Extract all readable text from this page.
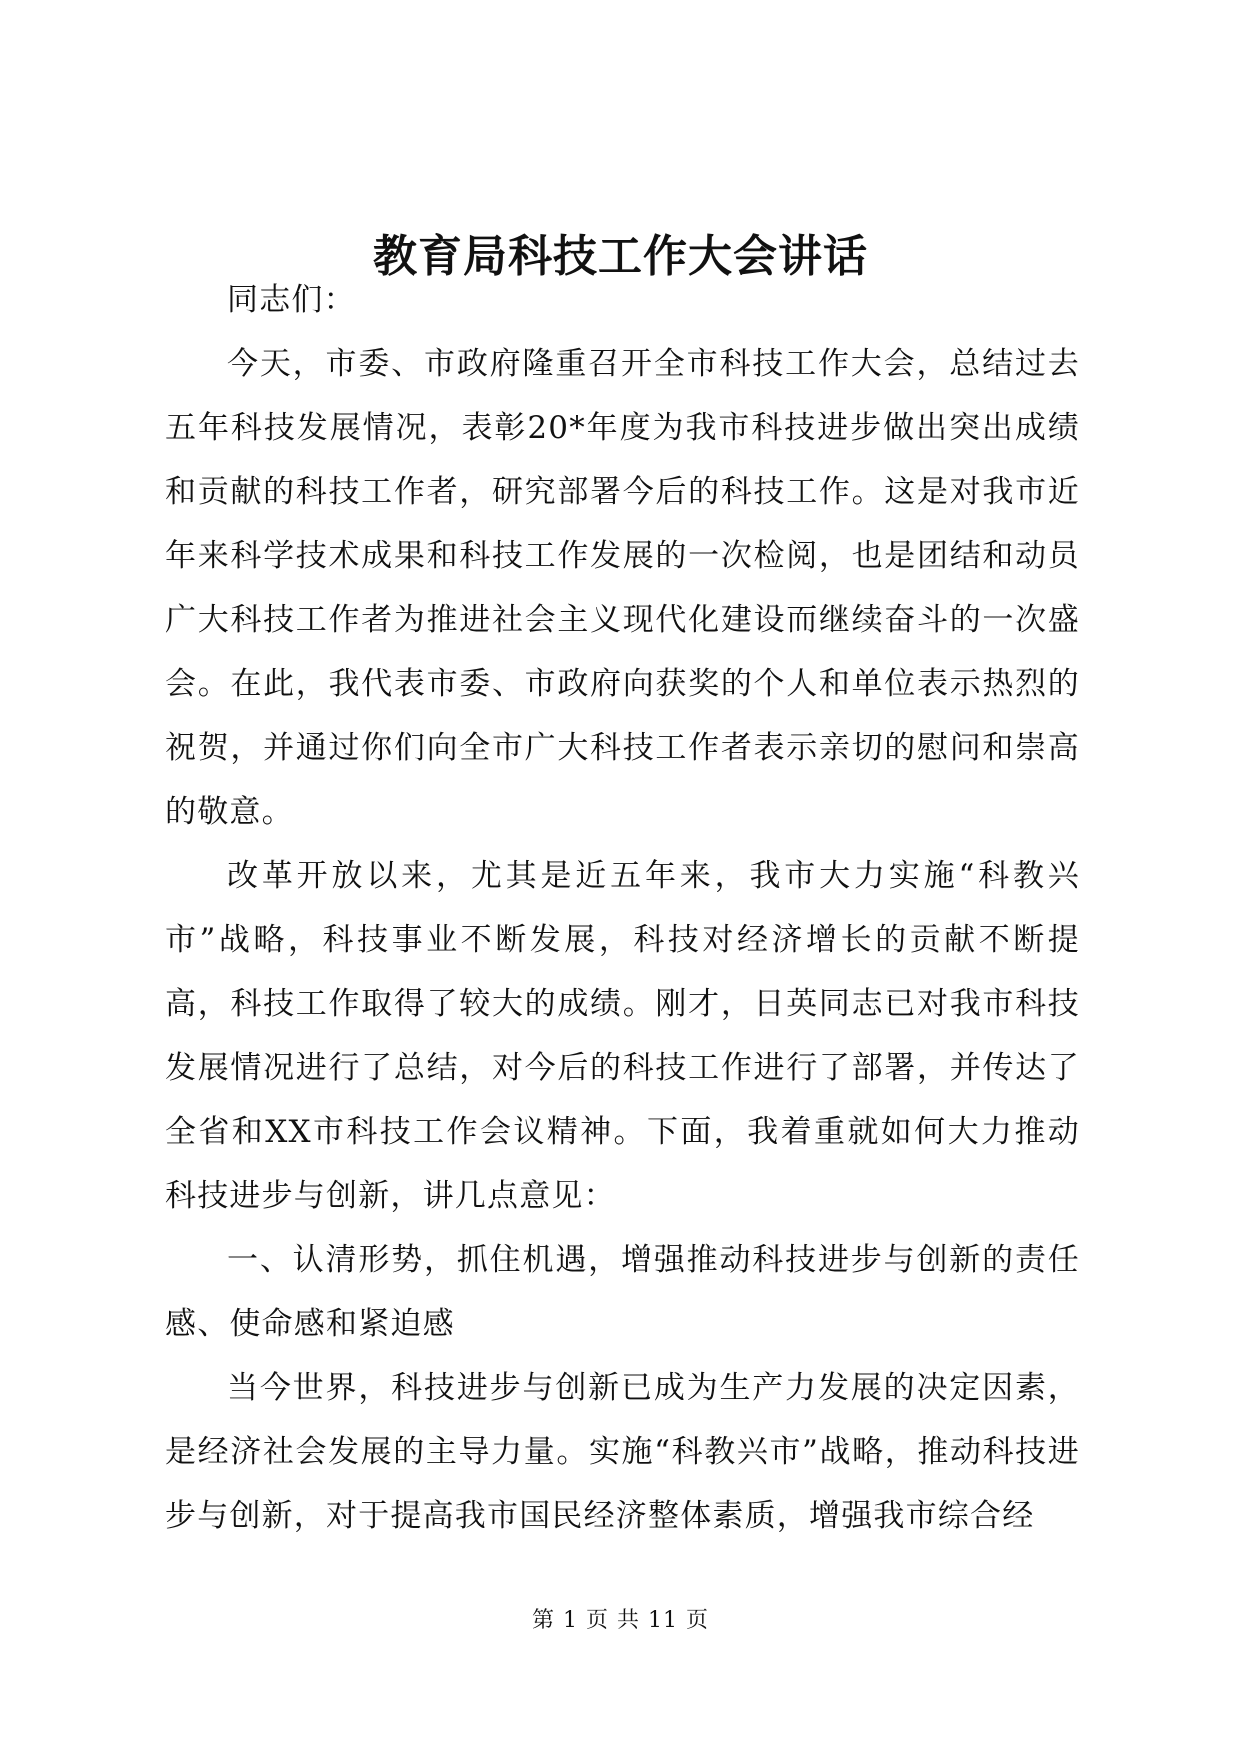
教育局科技工作大会讲话

同志们：

今天，市委、市政府隆重召开全市科技工作大会，总结过去五年科技发展情况，表彰20*年度为我市科技进步做出突出成绩和贡献的科技工作者，研究部署今后的科技工作。这是对我市近年来科学技术成果和科技工作发展的一次检阅，也是团结和动员广大科技工作者为推进社会主义现代化建设而继续奋斗的一次盛会。在此，我代表市委、市政府向获奖的个人和单位表示热烈的祝贺，并通过你们向全市广大科技工作者表示亲切的慰问和崇高的敬意。

改革开放以来，尤其是近五年来，我市大力实施“科教兴市”战略，科技事业不断发展，科技对经济增长的贡献不断提高，科技工作取得了较大的成绩。刚才，日英同志已对我市科技发展情况进行了总结，对今后的科技工作进行了部署，并传达了全省和XX市科技工作会议精神。下面，我着重就如何大力推动科技进步与创新，讲几点意见：

一、认清形势，抓住机遇，增强推动科技进步与创新的责任感、使命感和紧迫感

当今世界，科技进步与创新已成为生产力发展的决定因素，是经济社会发展的主导力量。实施“科教兴市”战略，推动科技进步与创新，对于提高我市国民经济整体素质，增强我市综合经

第 1 页 共 11 页
